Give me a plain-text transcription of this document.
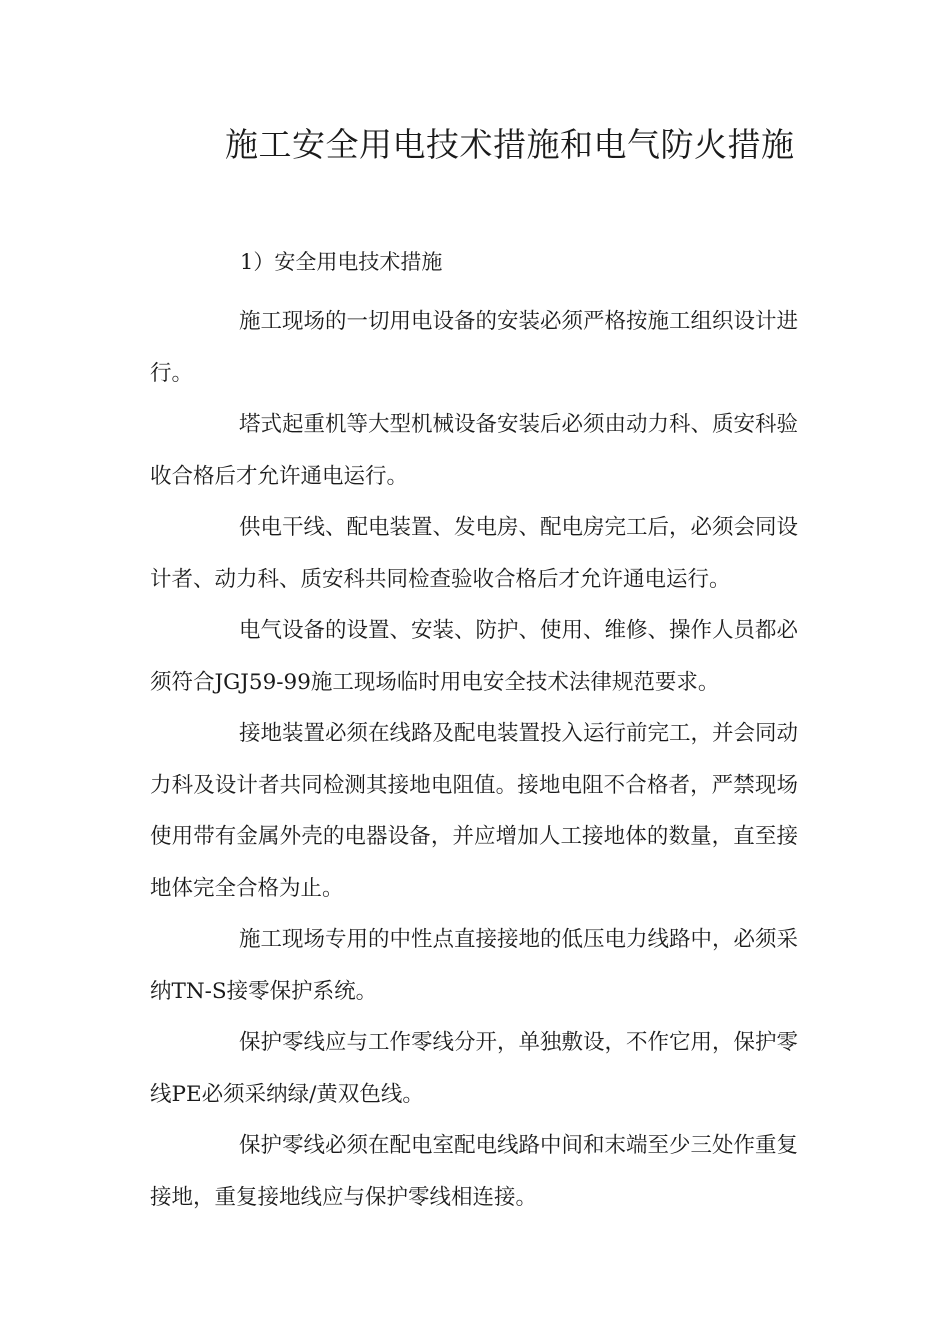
施工安全用电技术措施和电气防火措施

1）安全用电技术措施

施工现场的一切用电设备的安装必须严格按施工组织设计进行。

塔式起重机等大型机械设备安装后必须由动力科、质安科验收合格后才允许通电运行。

供电干线、配电装置、发电房、配电房完工后，必须会同设计者、动力科、质安科共同检查验收合格后才允许通电运行。

电气设备的设置、安装、防护、使用、维修、操作人员都必须符合JGJ59-99施工现场临时用电安全技术法律规范要求。

接地装置必须在线路及配电装置投入运行前完工，并会同动力科及设计者共同检测其接地电阻值。接地电阻不合格者，严禁现场使用带有金属外壳的电器设备，并应增加人工接地体的数量，直至接地体完全合格为止。

施工现场专用的中性点直接接地的低压电力线路中，必须采纳TN-S接零保护系统。

保护零线应与工作零线分开，单独敷设，不作它用，保护零线PE必须采纳绿/黄双色线。

保护零线必须在配电室配电线路中间和末端至少三处作重复接地，重复接地线应与保护零线相连接。
